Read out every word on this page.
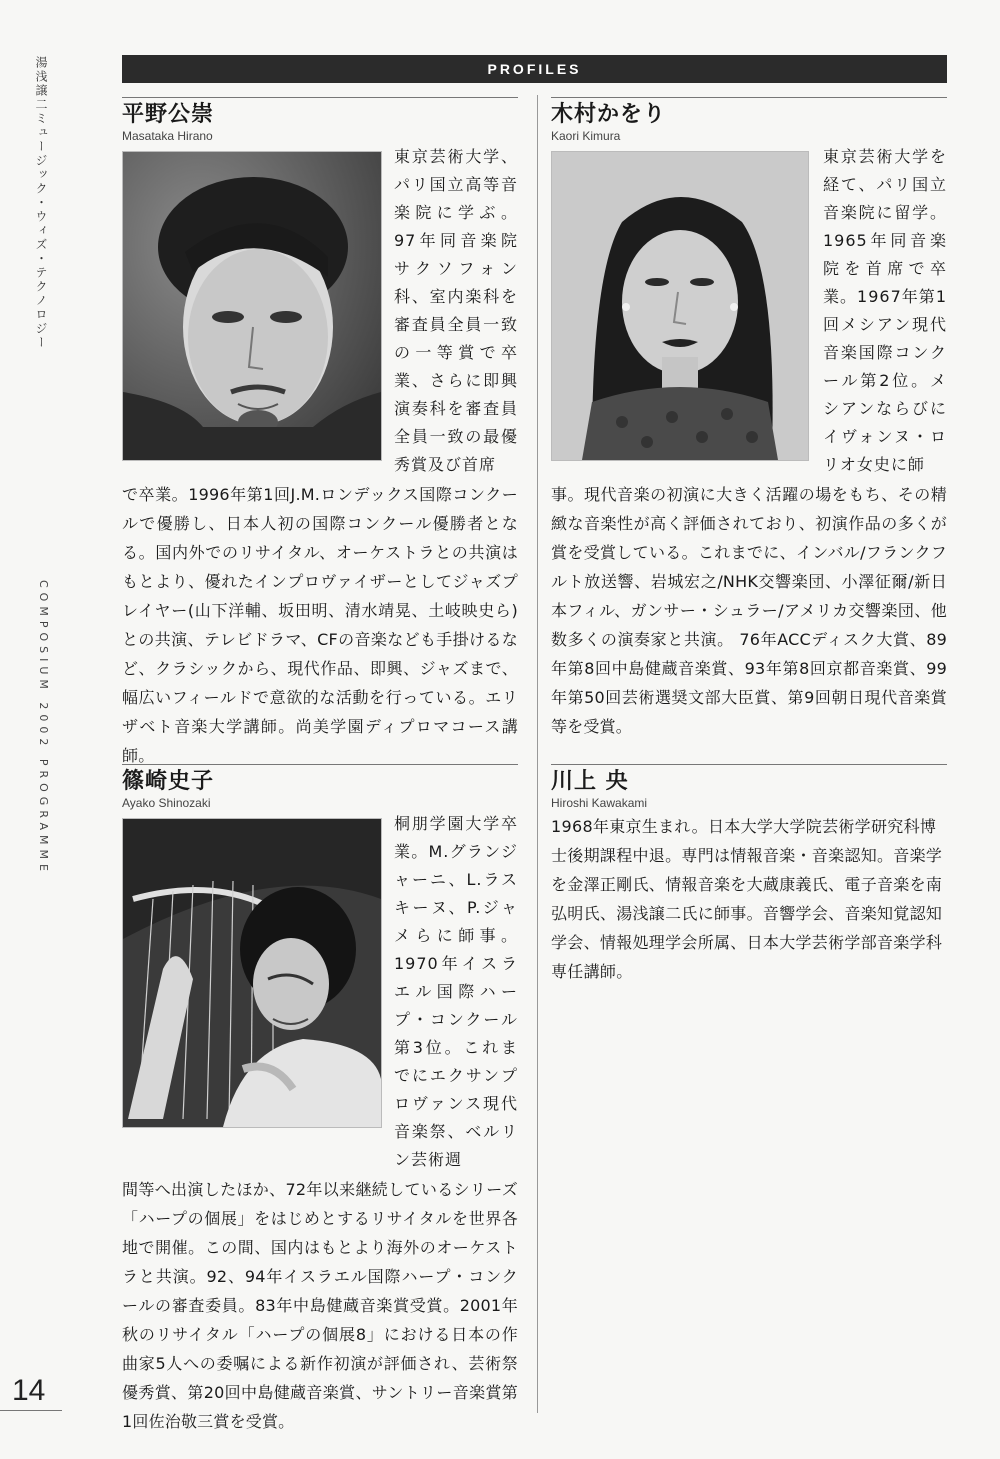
湯浅譲二ミュージック・ウィズ・テクノロジー
COMPOSIUM 2002 PROGRAMME
14
PROFILES
平野公崇
Masataka Hirano
東京芸術大学、パリ国立高等音楽院に学ぶ。97年同音楽院サクソフォン科、室内楽科を審査員全員一致の一等賞で卒業、さらに即興演奏科を審査員全員一致の最優秀賞及び首席
で卒業。1996年第1回J.M.ロンデックス国際コンクールで優勝し、日本人初の国際コンクール優勝者となる。国内外でのリサイタル、オーケストラとの共演はもとより、優れたインプロヴァイザーとしてジャズプレイヤー(山下洋輔、坂田明、清水靖晃、土岐映史ら)との共演、テレビドラマ、CFの音楽なども手掛けるなど、クラシックから、現代作品、即興、ジャズまで、幅広いフィールドで意欲的な活動を行っている。エリザベト音楽大学講師。尚美学園ディプロマコース講師。
木村かをり
Kaori Kimura
東京芸術大学を経て、パリ国立音楽院に留学。1965年同音楽院を首席で卒業。1967年第1回メシアン現代音楽国際コンクール第2位。メシアンならびにイヴォンヌ・ロリオ女史に師
事。現代音楽の初演に大きく活躍の場をもち、その精緻な音楽性が高く評価されており、初演作品の多くが賞を受賞している。これまでに、インバル/フランクフルト放送響、岩城宏之/NHK交響楽団、小澤征爾/新日本フィル、ガンサー・シュラー/アメリカ交響楽団、他数多くの演奏家と共演。 76年ACCディスク大賞、89年第8回中島健蔵音楽賞、93年第8回京都音楽賞、99年第50回芸術選奨文部大臣賞、第9回朝日現代音楽賞等を受賞。
篠崎史子
Ayako Shinozaki
桐朋学園大学卒業。M.グランジャーニ、L.ラスキーヌ、P.ジャメらに師事。1970年イスラエル国際ハープ・コンクール第3位。これまでにエクサンプロヴァンス現代音楽祭、ベルリン芸術週
間等へ出演したほか、72年以来継続しているシリーズ「ハープの個展」をはじめとするリサイタルを世界各地で開催。この間、国内はもとより海外のオーケストラと共演。92、94年イスラエル国際ハープ・コンクールの審査委員。83年中島健蔵音楽賞受賞。2001年秋のリサイタル「ハープの個展8」における日本の作曲家5人への委嘱による新作初演が評価され、芸術祭優秀賞、第20回中島健蔵音楽賞、サントリー音楽賞第1回佐治敬三賞を受賞。
川上 央
Hiroshi Kawakami
1968年東京生まれ。日本大学大学院芸術学研究科博士後期課程中退。専門は情報音楽・音楽認知。音楽学を金澤正剛氏、情報音楽を大蔵康義氏、電子音楽を南弘明氏、湯浅譲二氏に師事。音響学会、音楽知覚認知学会、情報処理学会所属、日本大学芸術学部音楽学科専任講師。
